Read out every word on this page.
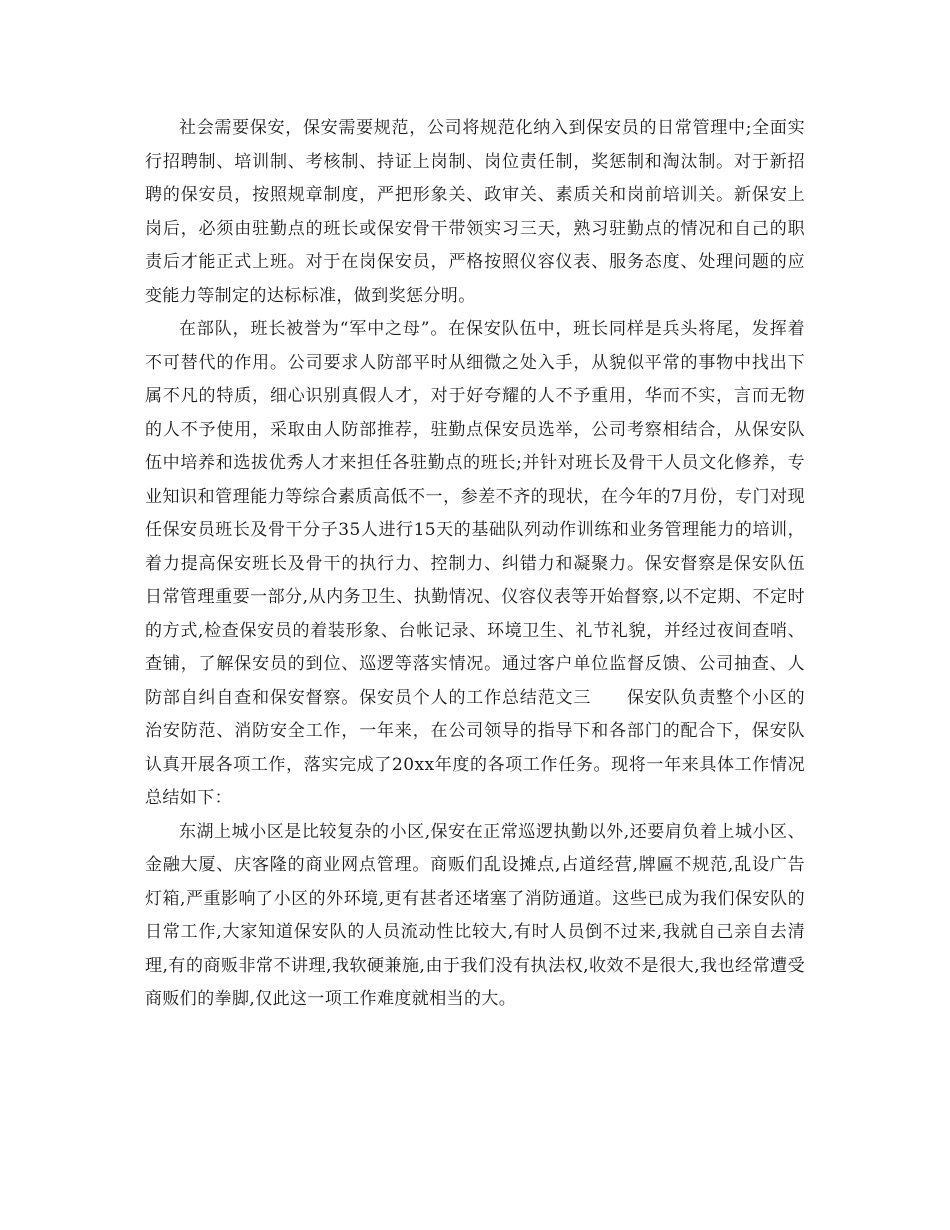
社会需要保安，保安需要规范，公司将规范化纳入到保安员的日常管理中;全面实行招聘制、培训制、考核制、持证上岗制、岗位责任制，奖惩制和淘汰制。对于新招聘的保安员，按照规章制度，严把形象关、政审关、素质关和岗前培训关。新保安上岗后，必须由驻勤点的班长或保安骨干带领实习三天，熟习驻勤点的情况和自己的职责后才能正式上班。对于在岗保安员，严格按照仪容仪表、服务态度、处理问题的应变能力等制定的达标标准，做到奖惩分明。

在部队，班长被誉为“军中之母”。在保安队伍中，班长同样是兵头将尾，发挥着不可替代的作用。公司要求人防部平时从细微之处入手，从貌似平常的事物中找出下属不凡的特质，细心识别真假人才，对于好夸耀的人不予重用，华而不实，言而无物的人不予使用，采取由人防部推荐，驻勤点保安员选举，公司考察相结合，从保安队伍中培养和选拔优秀人才来担任各驻勤点的班长;并针对班长及骨干人员文化修养，专业知识和管理能力等综合素质高低不一，参差不齐的现状，在今年的7月份，专门对现任保安员班长及骨干分子35人进行15天的基础队列动作训练和业务管理能力的培训，着力提高保安班长及骨干的执行力、控制力、纠错力和凝聚力。保安督察是保安队伍日常管理重要一部分,从内务卫生、执勤情况、仪容仪表等开始督察,以不定期、不定时的方式,检查保安员的着装形象、台帐记录、环境卫生、礼节礼貌，并经过夜间查哨、查铺，了解保安员的到位、巡逻等落实情况。通过客户单位监督反馈、公司抽查、人防部自纠自查和保安督察。保安员个人的工作总结范文三　　保安队负责整个小区的治安防范、消防安全工作，一年来，在公司领导的指导下和各部门的配合下，保安队认真开展各项工作，落实完成了20xx年度的各项工作任务。现将一年来具体工作情况总结如下：

东湖上城小区是比较复杂的小区,保安在正常巡逻执勤以外,还要肩负着上城小区、金融大厦、庆客隆的商业网点管理。商贩们乱设摊点,占道经营,牌匾不规范,乱设广告灯箱,严重影响了小区的外环境,更有甚者还堵塞了消防通道。这些已成为我们保安队的日常工作,大家知道保安队的人员流动性比较大,有时人员倒不过来,我就自己亲自去清理,有的商贩非常不讲理,我软硬兼施,由于我们没有执法权,收效不是很大,我也经常遭受商贩们的拳脚,仅此这一项工作难度就相当的大。
